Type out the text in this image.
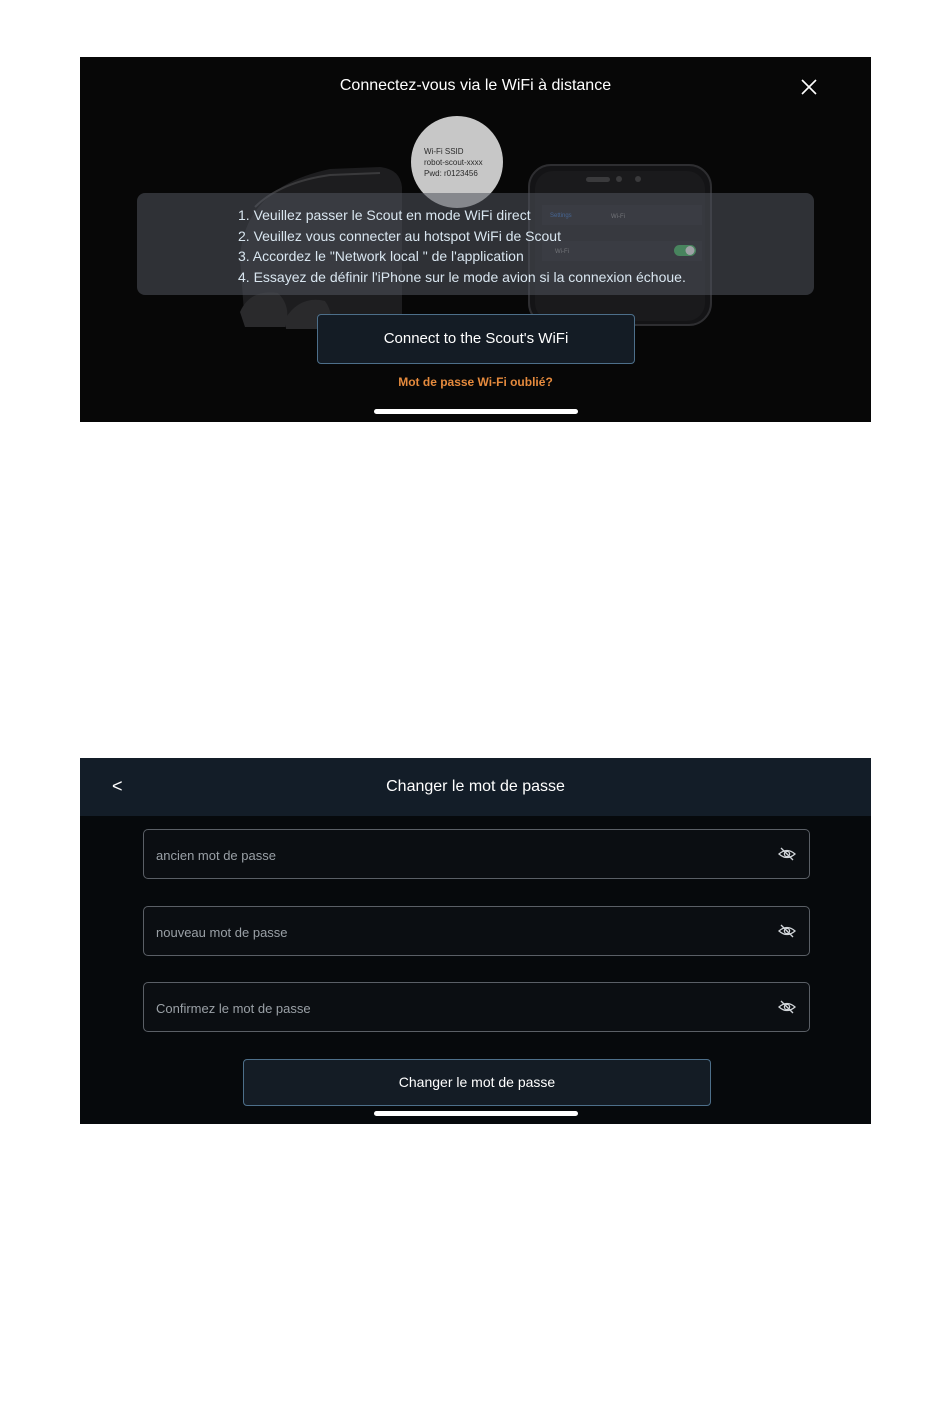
Wi-Fi SSID
robot-scout-xxxx
Pwd: r0123456
Connectez-vous via le WiFi à distance
1. Veuillez passer le Scout en mode WiFi direct
2. Veuillez vous connecter au hotspot WiFi de Scout
3. Accordez le "Network local " de l'application
4. Essayez de définir l'iPhone sur le mode avion si la connexion échoue.
Connect to the Scout's WiFi
Mot de passe Wi-Fi oublié?
<	Changer le mot de passe
Changer le mot de passe
